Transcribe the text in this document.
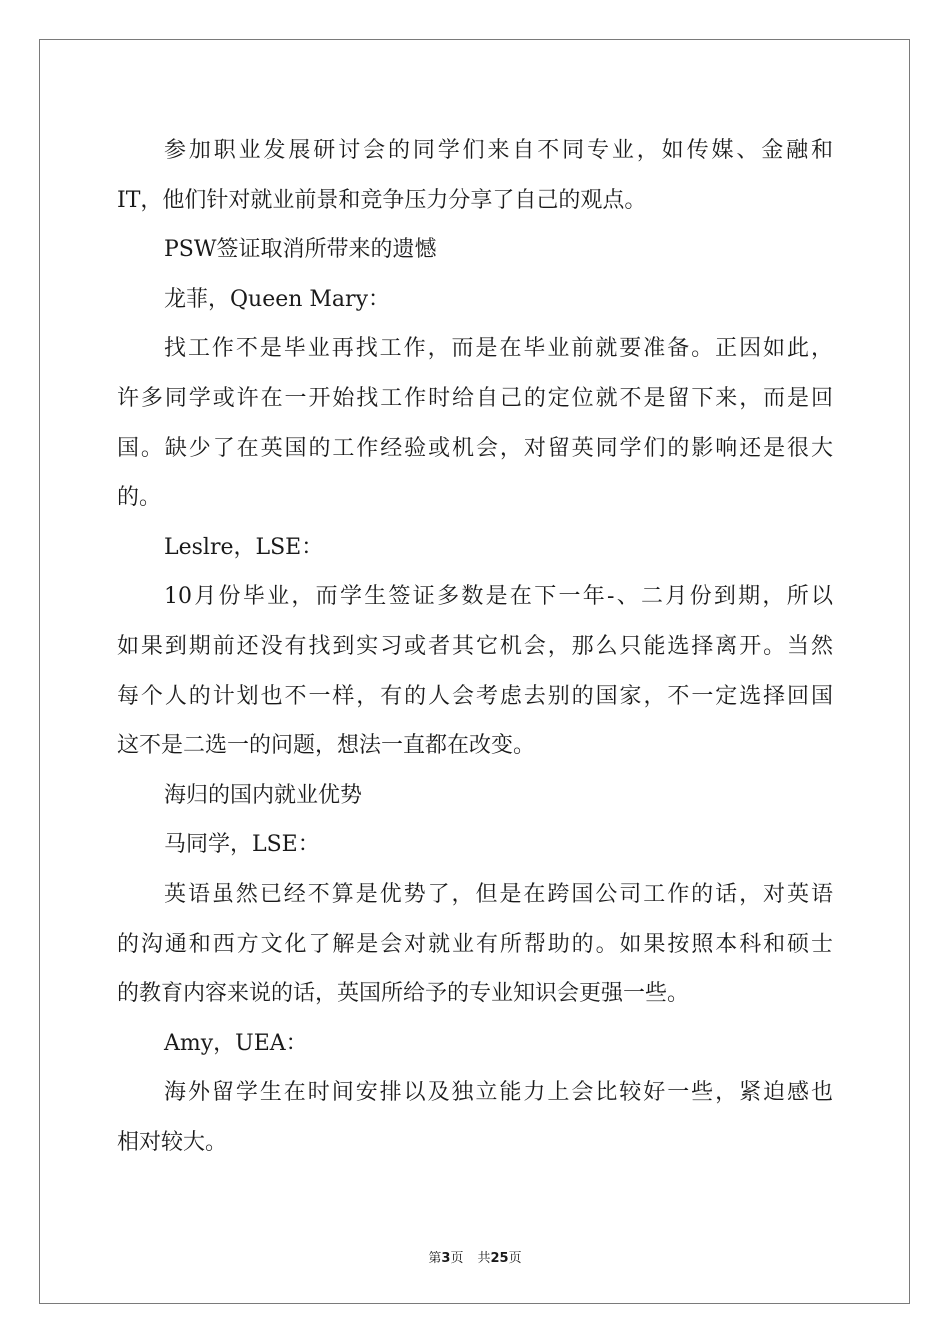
参加职业发展研讨会的同学们来自不同专业，如传媒、金融和
IT，他们针对就业前景和竞争压力分享了自己的观点。
PSW签证取消所带来的遗憾
龙菲，Queen Mary：
找工作不是毕业再找工作，而是在毕业前就要准备。正因如此，
许多同学或许在一开始找工作时给自己的定位就不是留下来，而是回
国。缺少了在英国的工作经验或机会，对留英同学们的影响还是很大
的。
Leslre，LSE：
10月份毕业，而学生签证多数是在下一年-、二月份到期，所以
如果到期前还没有找到实习或者其它机会，那么只能选择离开。当然
每个人的计划也不一样，有的人会考虑去别的国家，不一定选择回国
这不是二选一的问题，想法一直都在改变。
海归的国内就业优势
马同学，LSE：
英语虽然已经不算是优势了，但是在跨国公司工作的话，对英语
的沟通和西方文化了解是会对就业有所帮助的。如果按照本科和硕士
的教育内容来说的话，英国所给予的专业知识会更强一些。
Amy，UEA：
海外留学生在时间安排以及独立能力上会比较好一些，紧迫感也
相对较大。
第3页 共25页
